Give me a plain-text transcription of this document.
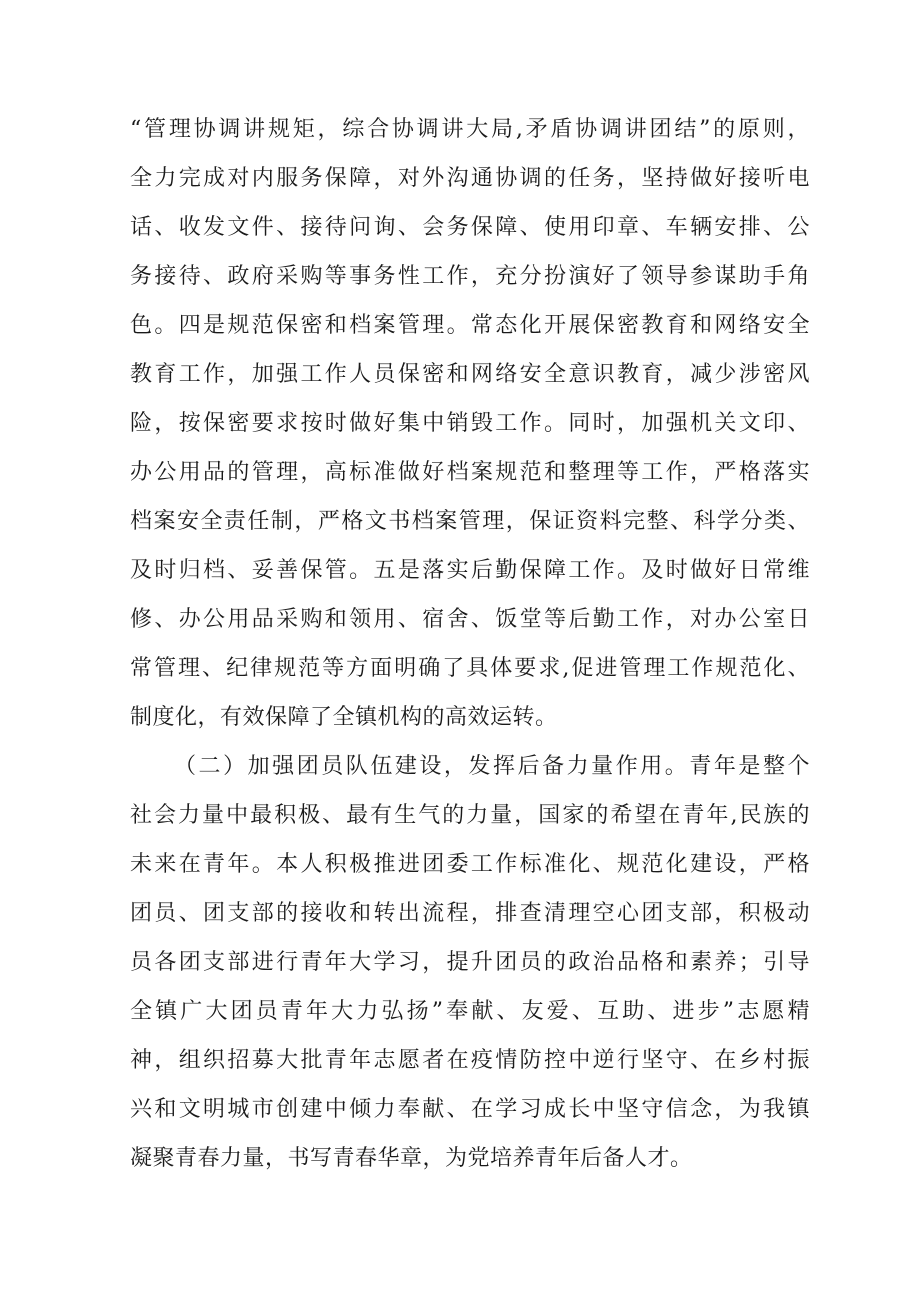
“管理协调讲规矩，综合协调讲大局,矛盾协调讲团结”的原则，
全力完成对内服务保障，对外沟通协调的任务，坚持做好接听电
话、收发文件、接待问询、会务保障、使用印章、车辆安排、公
务接待、政府采购等事务性工作，充分扮演好了领导参谋助手角
色。四是规范保密和档案管理。常态化开展保密教育和网络安全
教育工作，加强工作人员保密和网络安全意识教育，减少涉密风
险，按保密要求按时做好集中销毁工作。同时，加强机关文印、
办公用品的管理，高标准做好档案规范和整理等工作，严格落实
档案安全责任制，严格文书档案管理，保证资料完整、科学分类、
及时归档、妥善保管。五是落实后勤保障工作。及时做好日常维
修、办公用品采购和领用、宿舍、饭堂等后勤工作，对办公室日
常管理、纪律规范等方面明确了具体要求,促进管理工作规范化、
制度化，有效保障了全镇机构的高效运转。
（二）加强团员队伍建设，发挥后备力量作用。青年是整个
社会力量中最积极、最有生气的力量，国家的希望在青年,民族的
未来在青年。本人积极推进团委工作标准化、规范化建设，严格
团员、团支部的接收和转出流程，排查清理空心团支部，积极动
员各团支部进行青年大学习，提升团员的政治品格和素养；引导
全镇广大团员青年大力弘扬”奉献、友爱、互助、进步”志愿精
神，组织招募大批青年志愿者在疫情防控中逆行坚守、在乡村振
兴和文明城市创建中倾力奉献、在学习成长中坚守信念，为我镇
凝聚青春力量，书写青春华章，为党培养青年后备人才。
